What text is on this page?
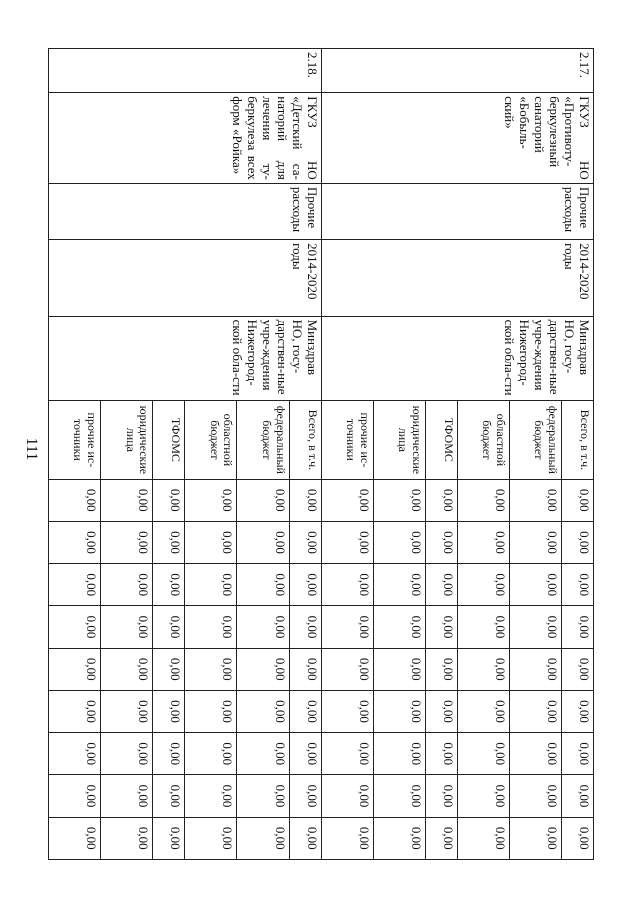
111
2.17.	ГКУЗ НО «Противоту-беркулезный санаторий «Бобыль-ский»	Прочие расходы	2014-2020 годы	Минздрав НО, госу-дарствен-ные учре-ждения Нижегород-ской обла-сти	Всего, в т.ч.	0,00	0,00	0,00	0,00	0,00	0,00	0,00	0,00	0,00
					федеральный бюджет	0,00	0,00	0,00	0,00	0,00	0,00	0,00	0,00	0,00
					областной бюджет	0,00	0,00	0,00	0,00	0,00	0,00	0,00	0,00	0,00
					ТФОМС	0,00	0,00	0,00	0,00	0,00	0,00	0,00	0,00	0,00
					юридические лица	0,00	0,00	0,00	0,00	0,00	0,00	0,00	0,00	0,00
					прочие ис-точники	0,00	0,00	0,00	0,00	0,00	0,00	0,00	0,00	0,00
2.18.	ГКУЗ НО «Детский са-наторий для лечения ту-беркулеза всех форм «Ройка»	Прочие расходы	2014-2020 годы	Минздрав НО, госу-дарствен-ные учре-ждения Нижегород-ской обла-сти	Всего, в т.ч.	0,00	0,00	0,00	0,00	0,00	0,00	0,00	0,00	0,00
					федеральный бюджет	0,00	0,00	0,00	0,00	0,00	0,00	0,00	0,00	0,00
					областной бюджет	0,00	0,00	0,00	0,00	0,00	0,00	0,00	0,00	0,00
					ТФОМС	0,00	0,00	0,00	0,00	0,00	0,00	0,00	0,00	0,00
					юридические лица	0,00	0,00	0,00	0,00	0,00	0,00	0,00	0,00	0,00
					прочие ис-точники	0,00	0,00	0,00	0,00	0,00	0,00	0,00	0,00	0,00
